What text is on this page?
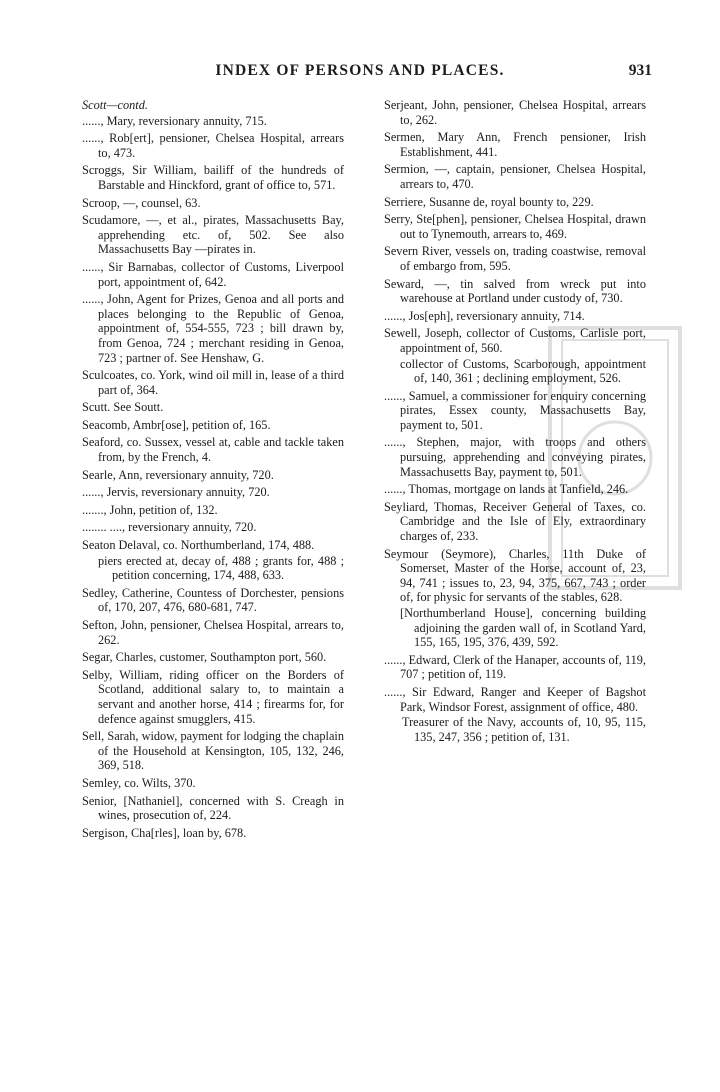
INDEX OF PERSONS AND PLACES.	931

Scott—contd.

......, Mary, reversionary annuity, 715.

......, Rob[ert], pensioner, Chelsea Hospital, arrears to, 473.

Scroggs, Sir William, bailiff of the hundreds of Barstable and Hinckford, grant of office to, 571.

Scroop, —, counsel, 63.

Scudamore, —, et al., pirates, Massachusetts Bay, apprehending etc. of, 502. See also Massachusetts Bay —pirates in.

......, Sir Barnabas, collector of Customs, Liverpool port, appointment of, 642.

......, John, Agent for Prizes, Genoa and all ports and places belonging to the Republic of Genoa, appointment of, 554-555, 723 ; bill drawn by, from Genoa, 724 ; merchant residing in Genoa, 723 ; partner of. See Henshaw, G.

Sculcoates, co. York, wind oil mill in, lease of a third part of, 364.

Scutt. See Soutt.

Seacomb, Ambr[ose], petition of, 165.

Seaford, co. Sussex, vessel at, cable and tackle taken from, by the French, 4.

Searle, Ann, reversionary annuity, 720.

......, Jervis, reversionary annuity, 720.

......., John, petition of, 132.

........ ...., reversionary annuity, 720.

Seaton Delaval, co. Northumberland, 174, 488.

piers erected at, decay of, 488 ; grants for, 488 ; petition concerning, 174, 488, 633.

Sedley, Catherine, Countess of Dorchester, pensions of, 170, 207, 476, 680-681, 747.

Sefton, John, pensioner, Chelsea Hospital, arrears to, 262.

Segar, Charles, customer, Southampton port, 560.

Selby, William, riding officer on the Borders of Scotland, additional salary to, to maintain a servant and another horse, 414 ; firearms for, for defence against smugglers, 415.

Sell, Sarah, widow, payment for lodging the chaplain of the Household at Kensington, 105, 132, 246, 369, 518.

Semley, co. Wilts, 370.

Senior, [Nathaniel], concerned with S. Creagh in wines, prosecution of, 224.

Sergison, Cha[rles], loan by, 678.

Serjeant, John, pensioner, Chelsea Hospital, arrears to, 262.

Sermen, Mary Ann, French pensioner, Irish Establishment, 441.

Sermion, —, captain, pensioner, Chelsea Hospital, arrears to, 470.

Serriere, Susanne de, royal bounty to, 229.

Serry, Ste[phen], pensioner, Chelsea Hospital, drawn out to Tynemouth, arrears to, 469.

Severn River, vessels on, trading coastwise, removal of embargo from, 595.

Seward, —, tin salved from wreck put into warehouse at Portland under custody of, 730.

......, Jos[eph], reversionary annuity, 714.

Sewell, Joseph, collector of Customs, Carlisle port, appointment of, 560.

collector of Customs, Scarborough, appointment of, 140, 361 ; declining employment, 526.

......, Samuel, a commissioner for enquiry concerning pirates, Essex county, Massachusetts Bay, payment to, 501.

......, Stephen, major, with troops and others pursuing, apprehending and conveying pirates, Massachusetts Bay, payment to, 501.

......, Thomas, mortgage on lands at Tanfield, 246.

Seyliard, Thomas, Receiver General of Taxes, co. Cambridge and the Isle of Ely, extraordinary charges of, 233.

Seymour (Seymore), Charles, 11th Duke of Somerset, Master of the Horse, account of, 23, 94, 741 ; issues to, 23, 94, 375, 667, 743 ; order of, for physic for servants of the stables, 628.

[Northumberland House], concerning building adjoining the garden wall of, in Scotland Yard, 155, 165, 195, 376, 439, 592.

......, Edward, Clerk of the Hanaper, accounts of, 119, 707 ; petition of, 119.

......, Sir Edward, Ranger and Keeper of Bagshot Park, Windsor Forest, assignment of office, 480.

Treasurer of the Navy, accounts of, 10, 95, 115, 135, 247, 356 ; petition of, 131.
